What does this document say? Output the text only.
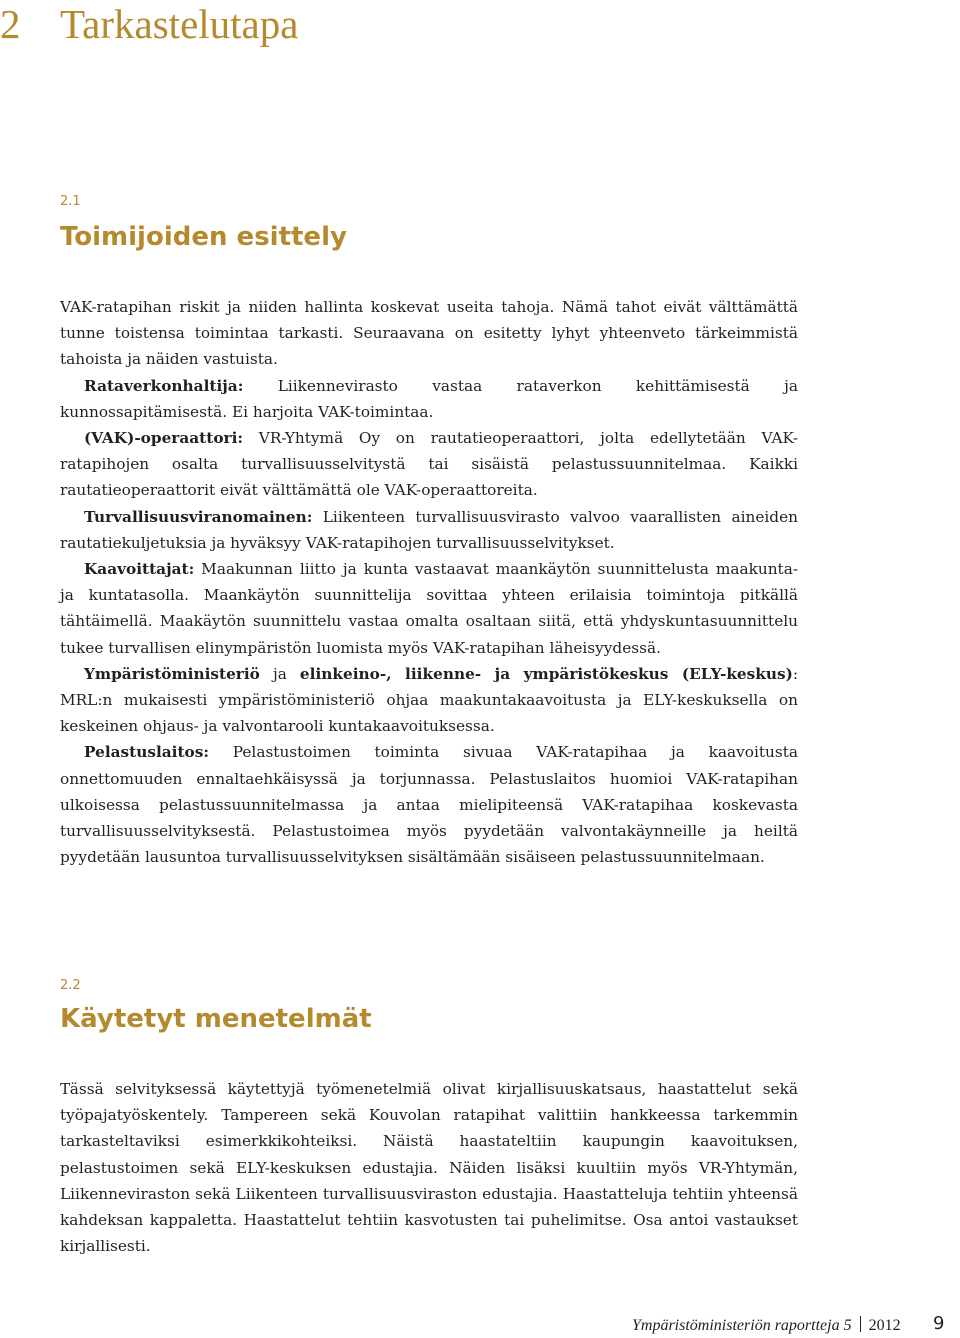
2 Tarkastelutapa
2.1
Toimijoiden esittely

VAK-ratapihan riskit ja niiden hallinta koskevat useita tahoja. Nämä tahot eivät välttämättä tunne toistensa toimintaa tarkasti. Seuraavana on esitetty lyhyt yhteenveto tärkeimmistä tahoista ja näiden vastuista.

Rataverkonhaltija: Liikennevirasto vastaa rataverkon kehittämisestä ja kunnossapitämisestä. Ei harjoita VAK-toimintaa.

(VAK)-operaattori: VR-Yhtymä Oy on rautatieoperaattori, jolta edellytetään VAK-ratapihojen osalta turvallisuusselvitystä tai sisäistä pelastussuunnitelmaa. Kaikki rautatieoperaattorit eivät välttämättä ole VAK-operaattoreita.

Turvallisuusviranomainen: Liikenteen turvallisuusvirasto valvoo vaarallisten aineiden rautatiekuljetuksia ja hyväksyy VAK-ratapihojen turvallisuusselvitykset.

Kaavoittajat: Maakunnan liitto ja kunta vastaavat maankäytön suunnittelusta maakunta- ja kuntatasolla. Maankäytön suunnittelija sovittaa yhteen erilaisia toimintoja pitkällä tähtäimellä. Maakäytön suunnittelu vastaa omalta osaltaan siitä, että yhdyskuntasuunnittelu tukee turvallisen elinympäristön luomista myös VAK-ratapihan läheisyydessä.

Ympäristöministeriö ja elinkeino-, liikenne- ja ympäristökeskus (ELY-keskus): MRL:n mukaisesti ympäristöministeriö ohjaa maakuntakaavoitusta ja ELY-keskuksella on keskeinen ohjaus- ja valvontarooli kuntakaavoituksessa.

Pelastuslaitos: Pelastustoimen toiminta sivuaa VAK-ratapihaa ja kaavoitusta onnettomuuden ennaltaehkäisyssä ja torjunnassa. Pelastuslaitos huomioi VAK-ratapihan ulkoisessa pelastussuunnitelmassa ja antaa mielipiteensä VAK-ratapihaa koskevasta turvallisuusselvityksestä. Pelastustoimea myös pyydetään valvontakäynneille ja heiltä pyydetään lausuntoa turvallisuusselvityksen sisältämään sisäiseen pelastussuunnitelmaan.

2.2
Käytetyt menetelmät

Tässä selvityksessä käytettyjä työmenetelmiä olivat kirjallisuuskatsaus, haastattelut sekä työpajatyöskentely. Tampereen sekä Kouvolan ratapihat valittiin hankkeessa tarkemmin tarkasteltaviksi esimerkkikohteiksi. Näistä haastateltiin kaupungin kaavoituksen, pelastustoimen sekä ELY-keskuksen edustajia. Näiden lisäksi kuultiin myös VR-Yhtymän, Liikenneviraston sekä Liikenteen turvallisuusviraston edustajia. Haastatteluja tehtiin yhteensä kahdeksan kappaletta. Haastattelut tehtiin kasvotusten tai puhelimitse. Osa antoi vastaukset kirjallisesti.

Ympäristöministeriön raportteja 5 2012 9
